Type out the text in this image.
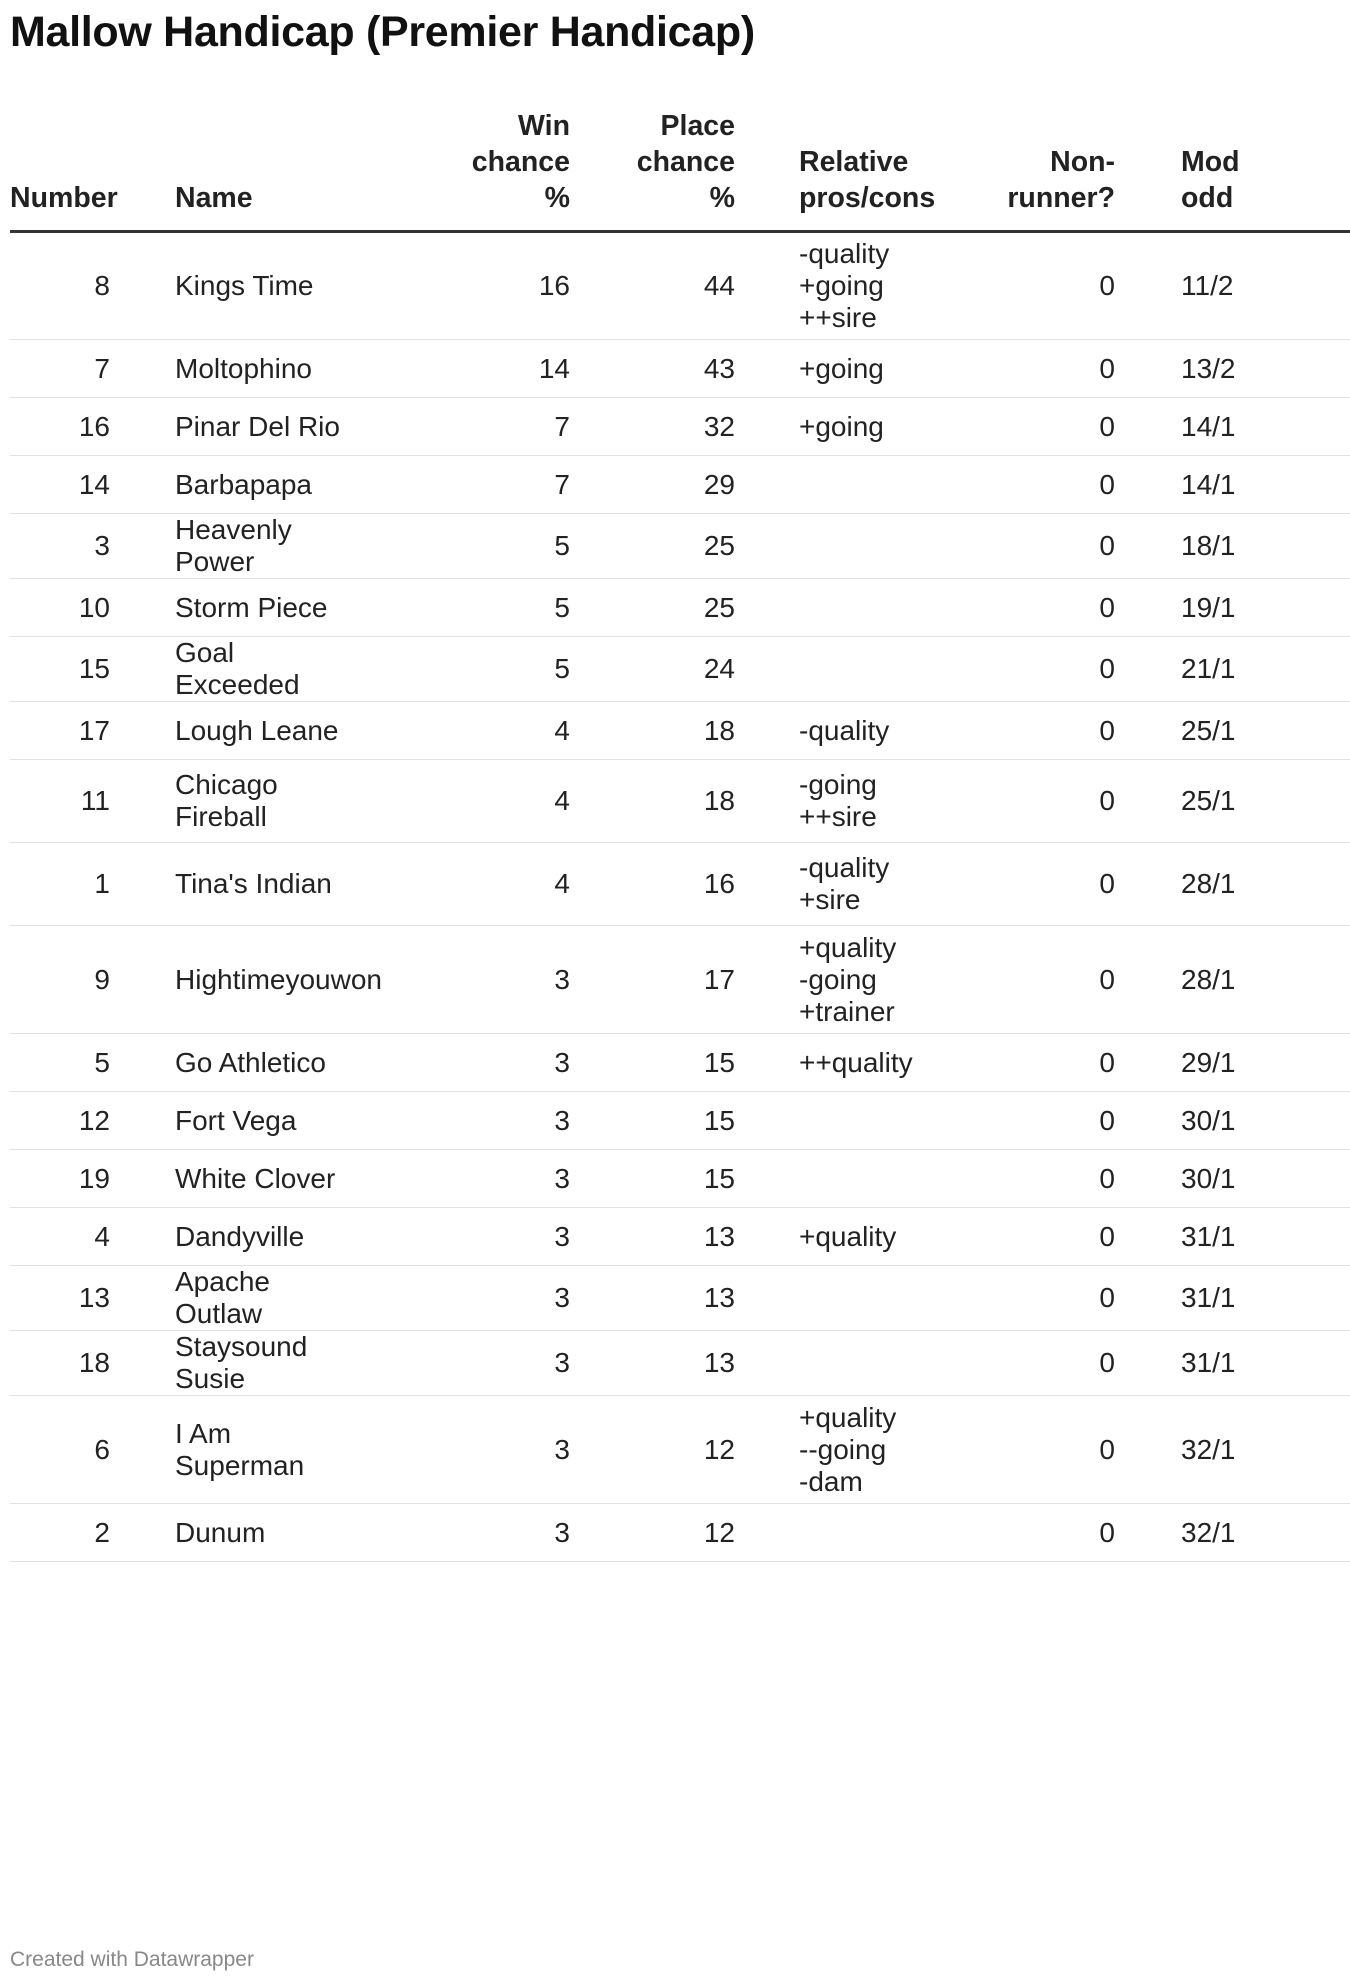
Mallow Handicap (Premier Handicap)
Number	Name	Win
chance
%	Place
chance
%	Relative
pros/cons	Non-
runner?	Mod
odd

8	Kings Time	16	44	-quality
+going
++sire	0	11/2
7	Moltophino	14	43	+going	0	13/2
16	Pinar Del Rio	7	32	+going	0	14/1
14	Barbapapa	7	29		0	14/1
3	Heavenly Power	5	25		0	18/1
10	Storm Piece	5	25		0	19/1
15	Goal Exceeded	5	24		0	21/1
17	Lough Leane	4	18	-quality	0	25/1
11	Chicago Fireball	4	18	-going
++sire	0	25/1
1	Tina's Indian	4	16	-quality
+sire	0	28/1
9	Hightimeyouwon	3	17	+quality
-going
+trainer	0	28/1
5	Go Athletico	3	15	++quality	0	29/1
12	Fort Vega	3	15		0	30/1
19	White Clover	3	15		0	30/1
4	Dandyville	3	13	+quality	0	31/1
13	Apache Outlaw	3	13		0	31/1
18	Staysound Susie	3	13		0	31/1
6	I Am Superman	3	12	+quality
--going
-dam	0	32/1
2	Dunum	3	12		0	32/1
Created with Datawrapper
